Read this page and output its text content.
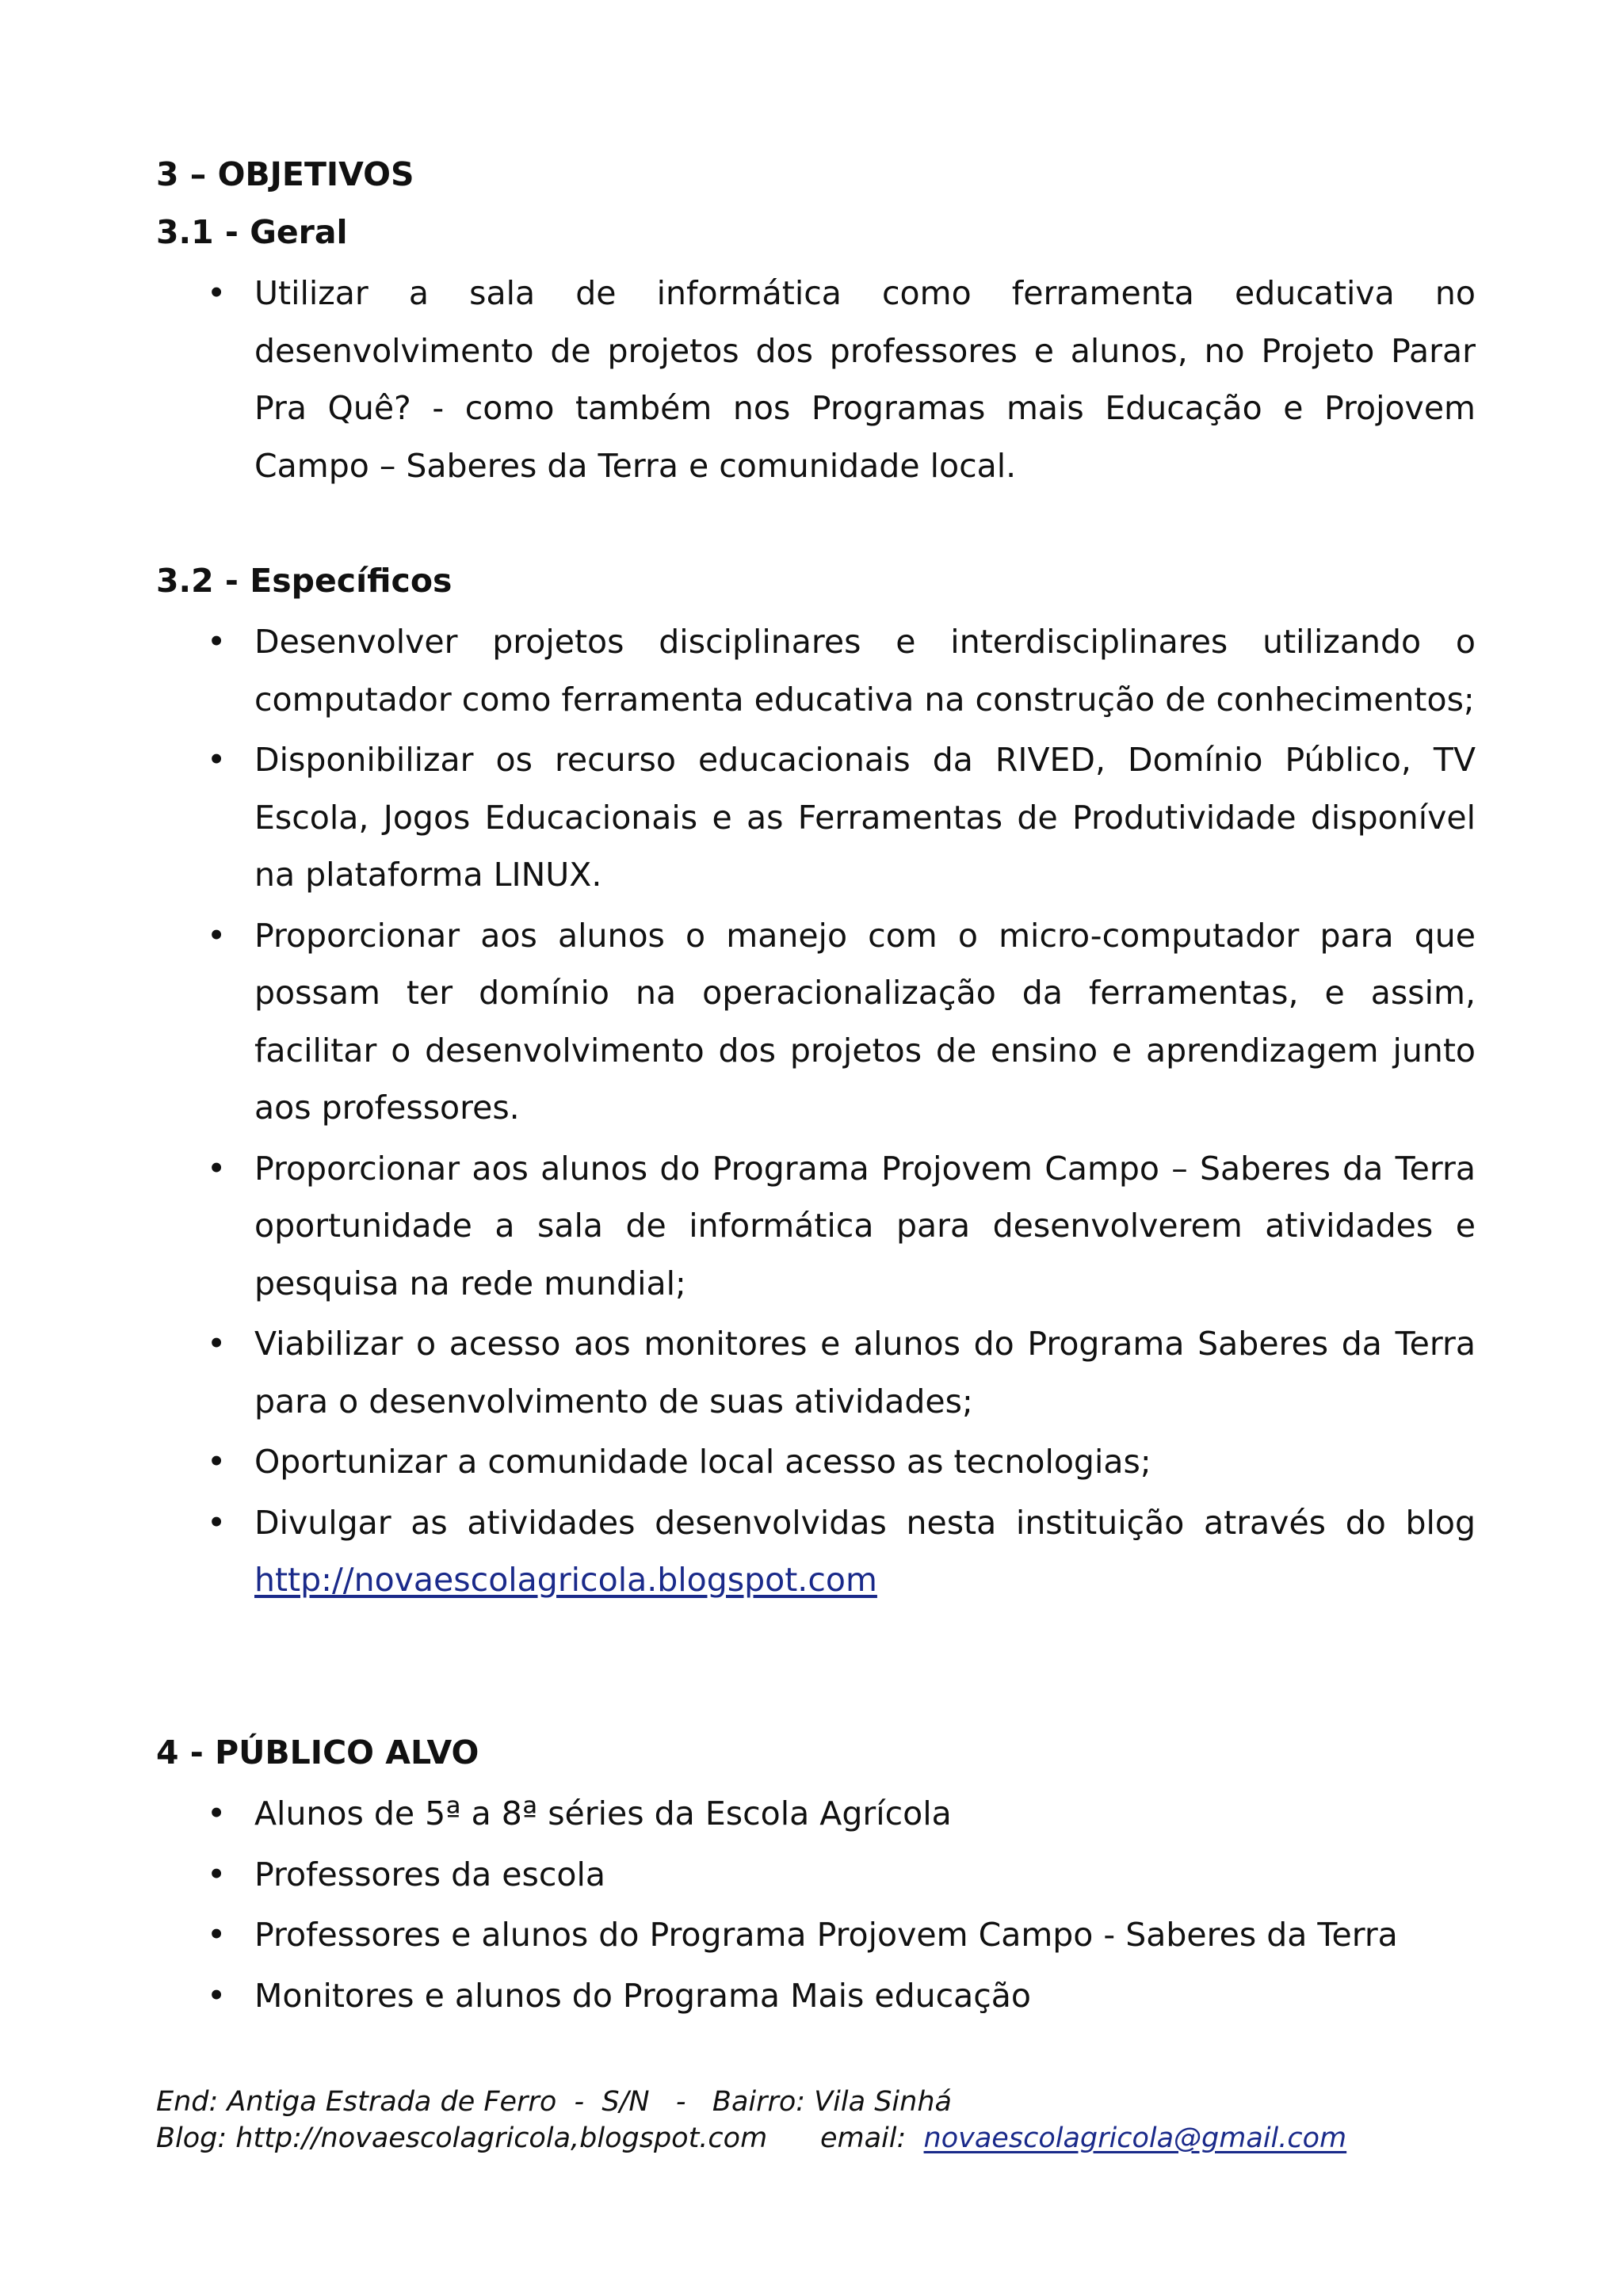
3 – OBJETIVOS
3.1 - Geral
• Utilizar a sala de informática como ferramenta educativa no desenvolvimento de projetos dos professores e alunos, no Projeto Parar Pra Quê? - como também nos Programas mais Educação e Projovem Campo – Saberes da Terra e comunidade local.
3.2 - Específicos
• Desenvolver projetos disciplinares e interdisciplinares utilizando o computador como ferramenta educativa na construção de conhecimentos;
• Disponibilizar os recurso educacionais da RIVED, Domínio Público, TV Escola, Jogos Educacionais e as Ferramentas de Produtividade disponível na plataforma LINUX.
• Proporcionar aos alunos o manejo com o micro-computador para que possam ter domínio na operacionalização da ferramentas, e assim, facilitar o desenvolvimento dos projetos de ensino e aprendizagem junto aos professores.
• Proporcionar aos alunos do Programa Projovem Campo – Saberes da Terra oportunidade a sala de informática para desenvolverem atividades e pesquisa na rede mundial;
• Viabilizar o acesso aos monitores e alunos do Programa Saberes da Terra para o desenvolvimento de suas atividades;
• Oportunizar a comunidade local acesso as tecnologias;
• Divulgar as atividades desenvolvidas nesta instituição através do blog http://novaescolagricola.blogspot.com
4 - PÚBLICO ALVO
• Alunos de 5ª a 8ª séries da Escola Agrícola
• Professores da escola
• Professores e alunos do Programa Projovem Campo - Saberes da Terra
• Monitores e alunos do Programa Mais educação

End: Antiga Estrada de Ferro  -  S/N   -   Bairro: Vila Sinhá

Blog: http://novaescolagricola,blogspot.com email: novaescolagricola@gmail.com
